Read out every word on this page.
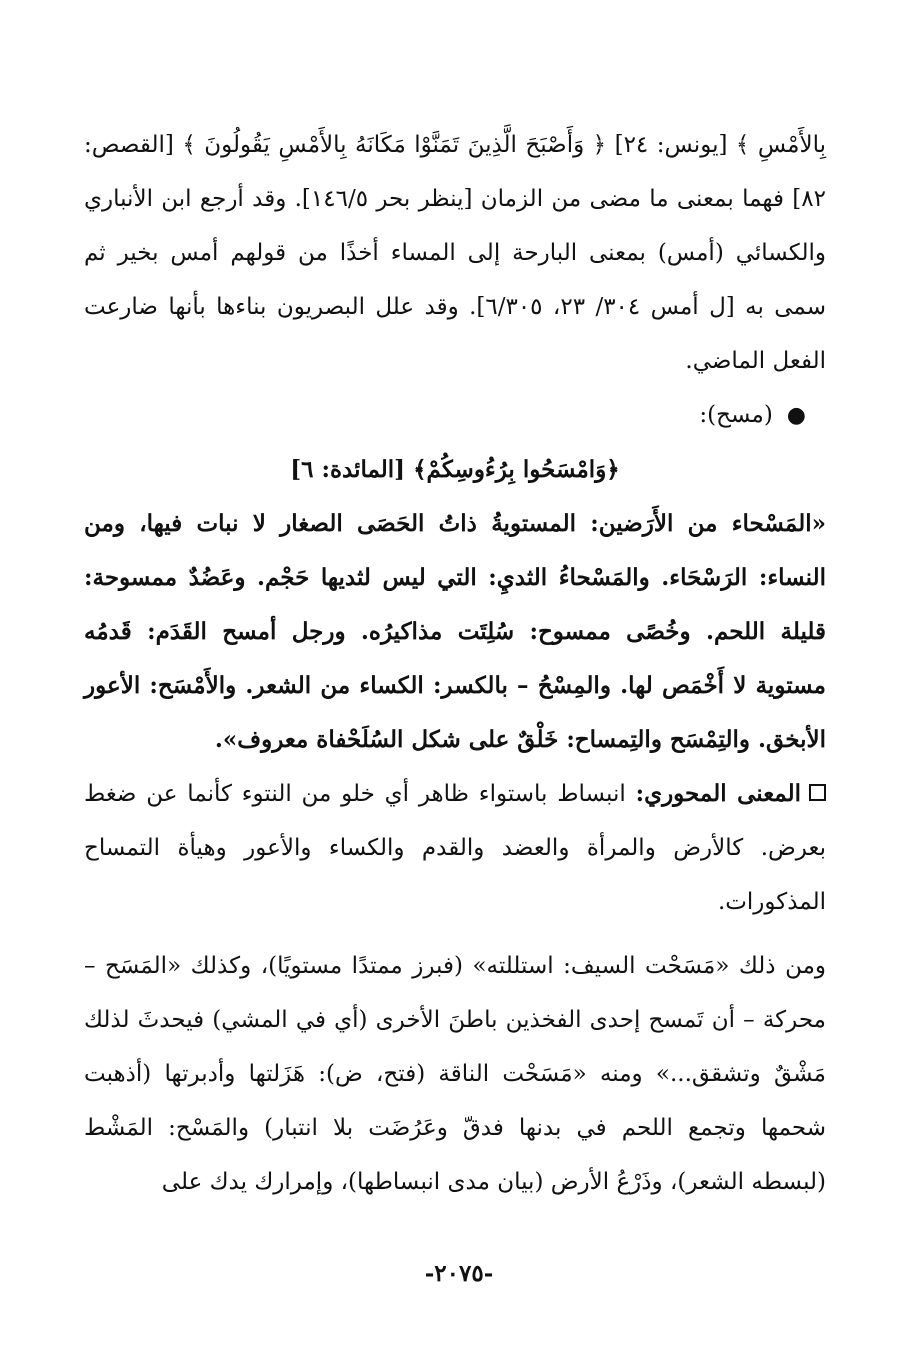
بِالأَمْسِ ﴾ [يونس: ٢٤] ﴿ وَأَصْبَحَ الَّذِينَ تَمَنَّوْا مَكَانَهُ بِالأَمْسِ يَقُولُونَ ﴾ [القصص: ٨٢] فهما بمعنى ما مضى من الزمان [ينظر بحر ١٤٦/٥]. وقد أرجع ابن الأنباري والكسائي (أمس) بمعنى البارحة إلى المساء أخذًا من قولهم أمس بخير ثم سمى به [ل أمس ٣٠٤/ ٢٣، ٦/٣٠٥]. وقد علل البصريون بناءها بأنها ضارعت الفعل الماضي.

●(مسح):

﴿وَامْسَحُوا بِرُءُوسِكُمْ﴾ [المائدة: ٦]

«المَسْحاء من الأَرَضين: المستويةُ ذاتُ الحَصَى الصغار لا نبات فيها، ومن النساء: الرَسْحَاء. والمَسْحاءُ الثديِ: التي ليس لثديها حَجْم. وعَضُدٌ ممسوحة: قليلة اللحم. وخُصًى ممسوح: سُلِتَت مذاكيرُه. ورجل أمسح القَدَم: قَدمُه مستوية لا أَخْمَص لها. والمِسْحُ – بالكسر: الكساء من الشعر. والأَمْسَح: الأعور الأبخق. والتِمْسَح والتِمساح: خَلْقٌ على شكل السُلَحْفاة معروف».

المعنى المحوري: انبساط باستواء ظاهر أي خلو من النتوء كأنما عن ضغط بعرض. كالأرض والمرأة والعضد والقدم والكساء والأعور وهيأة التمساح المذكورات.

ومن ذلك «مَسَحْت السيف: استللته» (فبرز ممتدًا مستويًا)، وكذلك «المَسَح – محركة – أن تَمسح إحدى الفخذين باطنَ الأخرى (أي في المشي) فيحدثَ لذلك مَشْقٌ وتشقق...» ومنه «مَسَحْت الناقة (فتح، ض): هَزَلتها وأدبرتها (أذهبت شحمها وتجمع اللحم في بدنها فدقّ وعَرُضَت بلا انتبار) والمَسْح: المَشْط (لبسطه الشعر)، وذَرْعُ الأرض (بيان مدى انبساطها)، وإمرارك يدك على

-٢٠٧٥-
